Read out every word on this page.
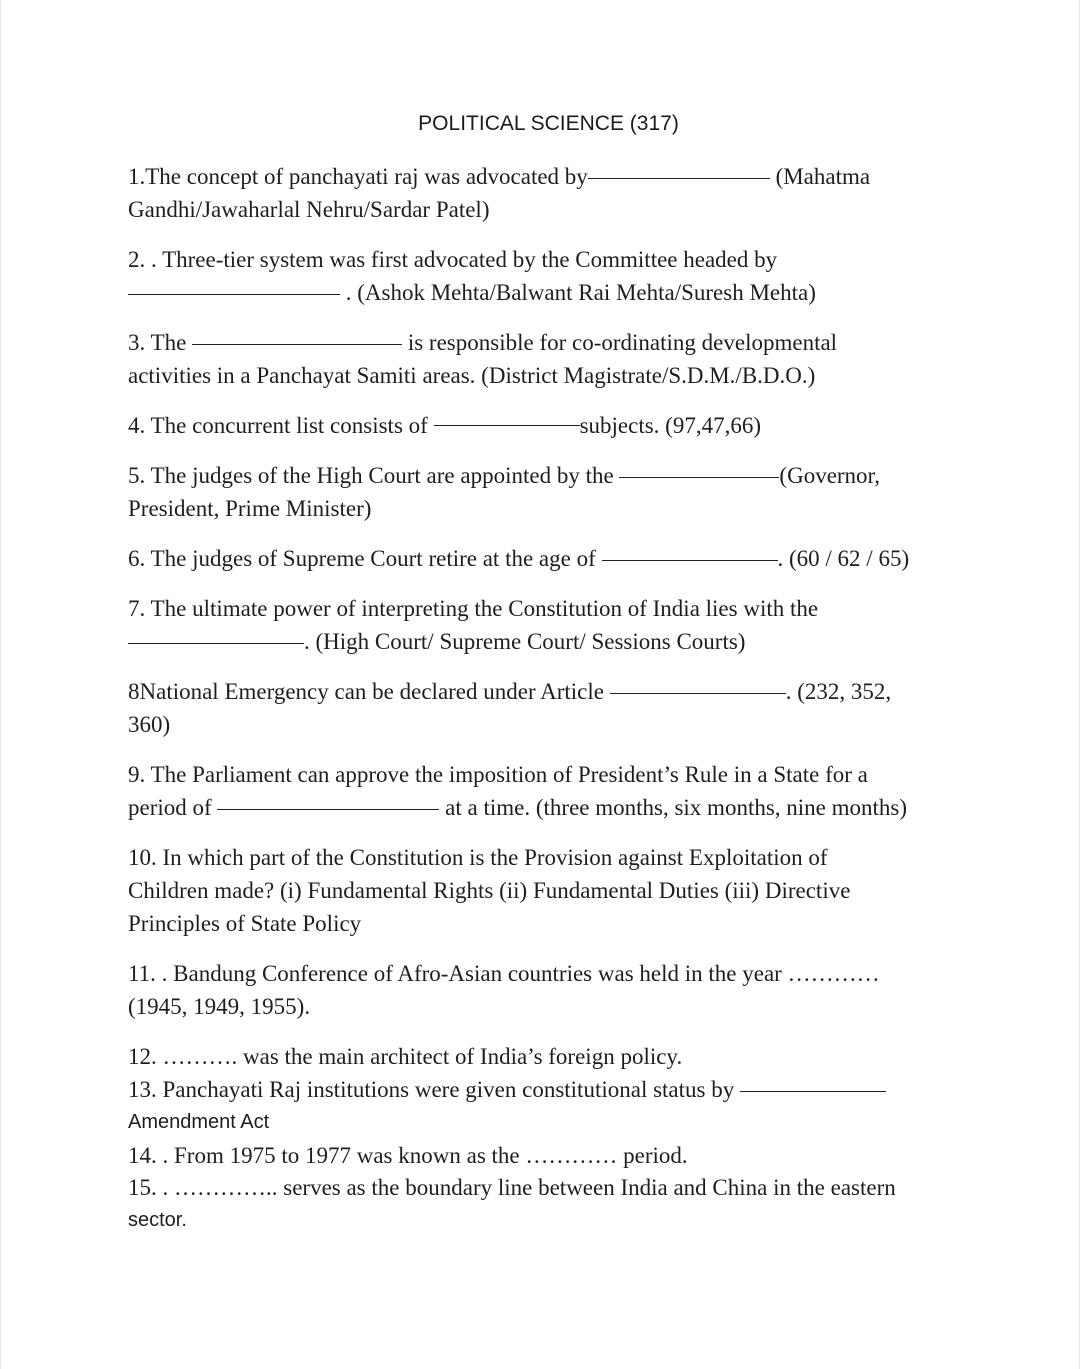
POLITICAL SCIENCE (317)
1.The concept of panchayati raj was advocated by	(Mahatma
Gandhi/Jawaharlal Nehru/Sardar Patel)
2. . Three-tier system was first advocated by the Committee headed by
. (Ashok Mehta/Balwant Rai Mehta/Suresh Mehta)
3. The	is responsible for co-ordinating developmental
activities in a Panchayat Samiti areas. (District Magistrate/S.D.M./B.D.O.)
4. The concurrent list consists of	subjects. (97,47,66)
5. The judges of the High Court are appointed by the	(Governor,
President, Prime Minister)
6. The judges of Supreme Court retire at the age of	. (60 / 62 / 65)
7. The ultimate power of interpreting the Constitution of India lies with the
. (High Court/ Supreme Court/ Sessions Courts)
8National Emergency can be declared under Article	. (232, 352,
360)
9. The Parliament can approve the imposition of President’s Rule in a State for a
period of	at a time. (three months, six months, nine months)
10. In which part of the Constitution is the Provision against Exploitation of
Children made? (i) Fundamental Rights (ii) Fundamental Duties (iii) Directive
Principles of State Policy
11. . Bandung Conference of Afro-Asian countries was held in the year …………
(1945, 1949, 1955).
12. ………. was the main architect of India’s foreign policy.
13. Panchayati Raj institutions were given constitutional status by
Amendment Act
14. . From 1975 to 1977 was known as the ………… period.
15. . ………….. serves as the boundary line between India and China in the eastern
sector.
